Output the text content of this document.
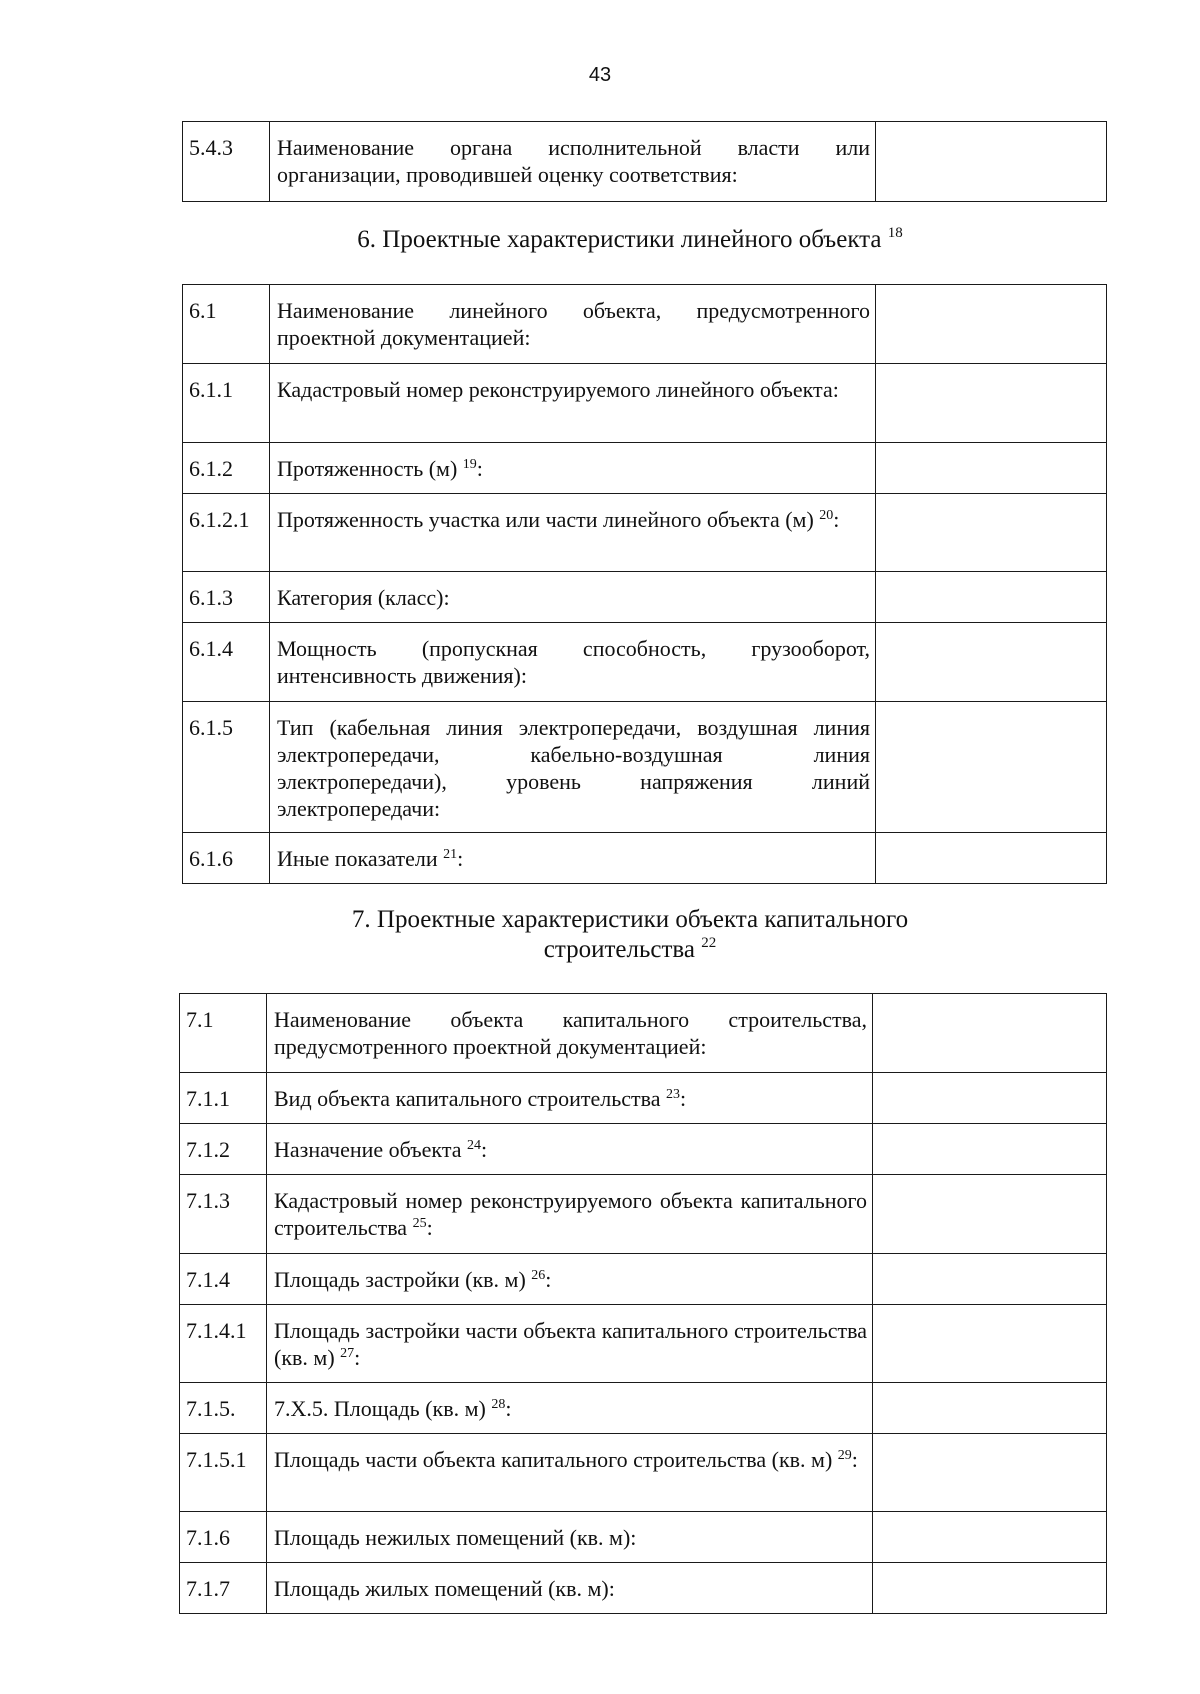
43
5.4.3	Наименование органа исполнительной власти или организации, проводившей оценку соответствия:	
6. Проектные характеристики линейного объекта $^{18}$
6.1	Наименование линейного объекта, предусмотренного проектной документацией:	
6.1.1	Кадастровый номер реконструируемого линейного объекта:	
6.1.2	Протяженность (м) $^{19}$:	
6.1.2.1	Протяженность участка или части линейного объекта (м) $^{20}$:	
6.1.3	Категория (класс):	
6.1.4	Мощность (пропускная способность, грузооборот, интенсивность движения):	
6.1.5	Тип (кабельная линия электропередачи, воздушная линия электропередачи, кабельно-воздушная линия электропередачи), уровень напряжения линий электропередачи:	
6.1.6	Иные показатели $^{21}$:	
7. Проектные характеристики объекта капитального
строительства $^{22}$
7.1	Наименование объекта капитального строительства, предусмотренного проектной документацией:	
7.1.1	Вид объекта капитального строительства $^{23}$:	
7.1.2	Назначение объекта $^{24}$:	
7.1.3	Кадастровый номер реконструируемого объекта капитального строительства $^{25}$:	
7.1.4	Площадь застройки (кв. м) $^{26}$:	
7.1.4.1	Площадь застройки части объекта капитального строительства (кв. м) $^{27}$:	
7.1.5.	7.Х.5. Площадь (кв. м) $^{28}$:	
7.1.5.1	Площадь части объекта капитального строительства (кв. м) $^{29}$:	
7.1.6	Площадь нежилых помещений (кв. м):	
7.1.7	Площадь жилых помещений (кв. м):	
